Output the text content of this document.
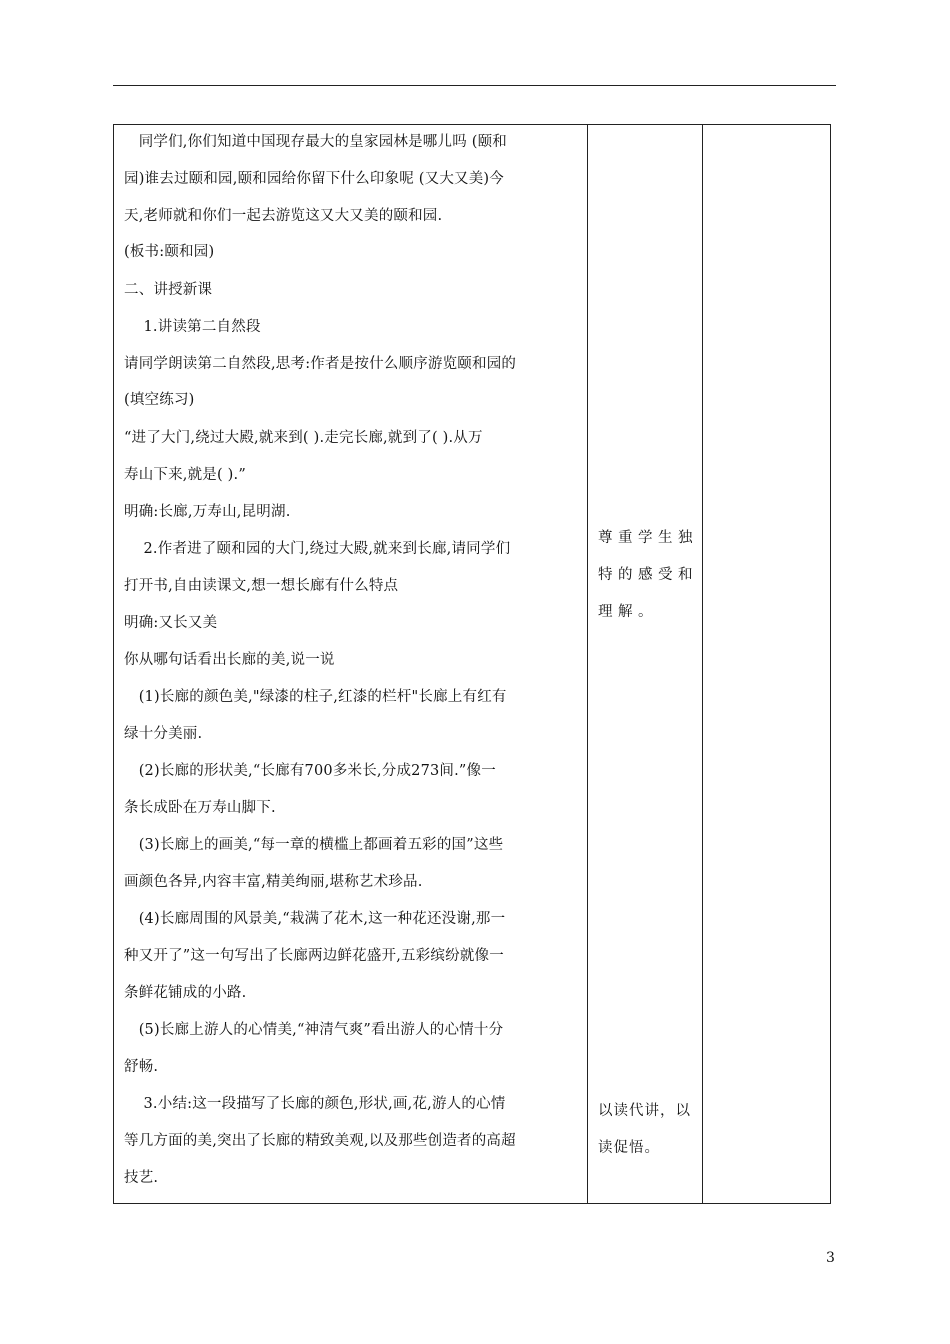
　同学们,你们知道中国现存最大的皇家园林是哪儿吗 (颐和
园)谁去过颐和园,颐和园给你留下什么印象呢 (又大又美)今
天,老师就和你们一起去游览这又大又美的颐和园.
(板书:颐和园)
二、讲授新课
　 1.讲读第二自然段
请同学朗读第二自然段,思考:作者是按什么顺序游览颐和园的
(填空练习)
“进了大门,绕过大殿,就来到( ).走完长廊,就到了( ).从万
寿山下来,就是( ).”
明确:长廊,万寿山,昆明湖.
　 2.作者进了颐和园的大门,绕过大殿,就来到长廊,请同学们
打开书,自由读课文,想一想长廊有什么特点
明确:又长又美
你从哪句话看出长廊的美,说一说
　(1)长廊的颜色美,"绿漆的柱子,红漆的栏杆"长廊上有红有
绿十分美丽.
　(2)长廊的形状美,“长廊有700多米长,分成273间.”像一
条长成卧在万寿山脚下.
　(3)长廊上的画美,“每一章的横槛上都画着五彩的国”这些
画颜色各异,内容丰富,精美绚丽,堪称艺术珍品.
　(4)长廊周围的风景美,“栽满了花木,这一种花还没谢,那一
种又开了”这一句写出了长廊两边鲜花盛开,五彩缤纷就像一
条鲜花铺成的小路.
　(5)长廊上游人的心情美,“神清气爽”看出游人的心情十分
舒畅.
　 3.小结:这一段描写了长廊的颜色,形状,画,花,游人的心情
等几方面的美,突出了长廊的精致美观,以及那些创造者的高超
技艺.
尊重学生独
特的感受和
理解。
以读代讲，以
读促悟。
3
